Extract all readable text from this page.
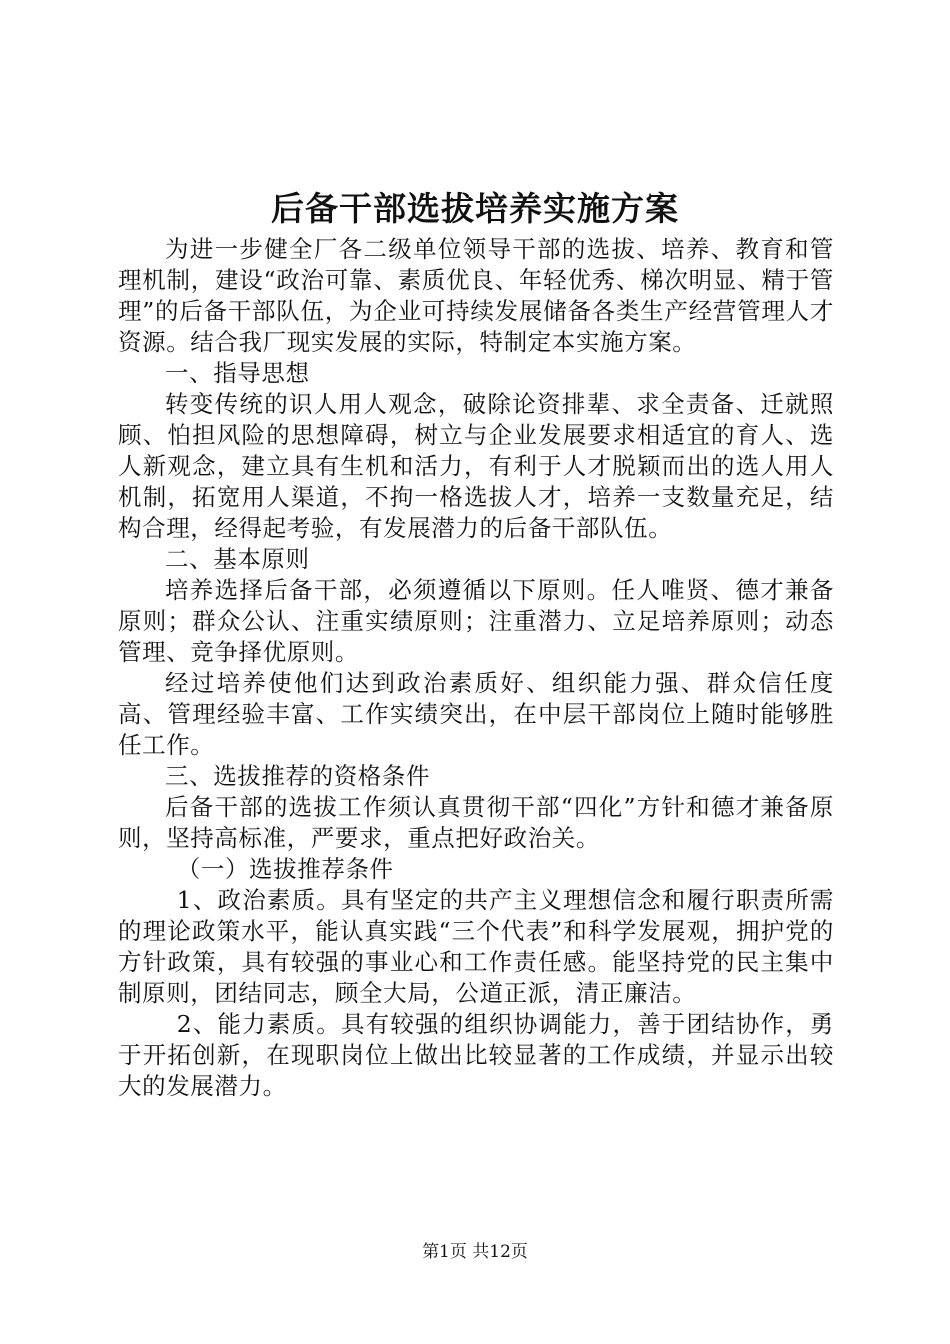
后备干部选拔培养实施方案

为进一步健全厂各二级单位领导干部的选拔、培养、教育和管理机制，建设“政治可靠、素质优良、年轻优秀、梯次明显、精于管理”的后备干部队伍，为企业可持续发展储备各类生产经营管理人才资源。结合我厂现实发展的实际，特制定本实施方案。

一、指导思想

转变传统的识人用人观念，破除论资排辈、求全责备、迁就照顾、怕担风险的思想障碍，树立与企业发展要求相适宜的育人、选人新观念，建立具有生机和活力，有利于人才脱颖而出的选人用人机制，拓宽用人渠道，不拘一格选拔人才，培养一支数量充足，结构合理，经得起考验，有发展潜力的后备干部队伍。

二、基本原则

培养选择后备干部，必须遵循以下原则。任人唯贤、德才兼备原则；群众公认、注重实绩原则；注重潜力、立足培养原则；动态管理、竞争择优原则。

经过培养使他们达到政治素质好、组织能力强、群众信任度高、管理经验丰富、工作实绩突出，在中层干部岗位上随时能够胜任工作。

三、选拔推荐的资格条件

后备干部的选拔工作须认真贯彻干部“四化”方针和德才兼备原则，坚持高标准，严要求，重点把好政治关。

（一）选拔推荐条件

1、政治素质。具有坚定的共产主义理想信念和履行职责所需的理论政策水平，能认真实践“三个代表”和科学发展观，拥护党的方针政策，具有较强的事业心和工作责任感。能坚持党的民主集中制原则，团结同志，顾全大局，公道正派，清正廉洁。

2、能力素质。具有较强的组织协调能力，善于团结协作，勇于开拓创新，在现职岗位上做出比较显著的工作成绩，并显示出较大的发展潜力。

第1页 共12页
